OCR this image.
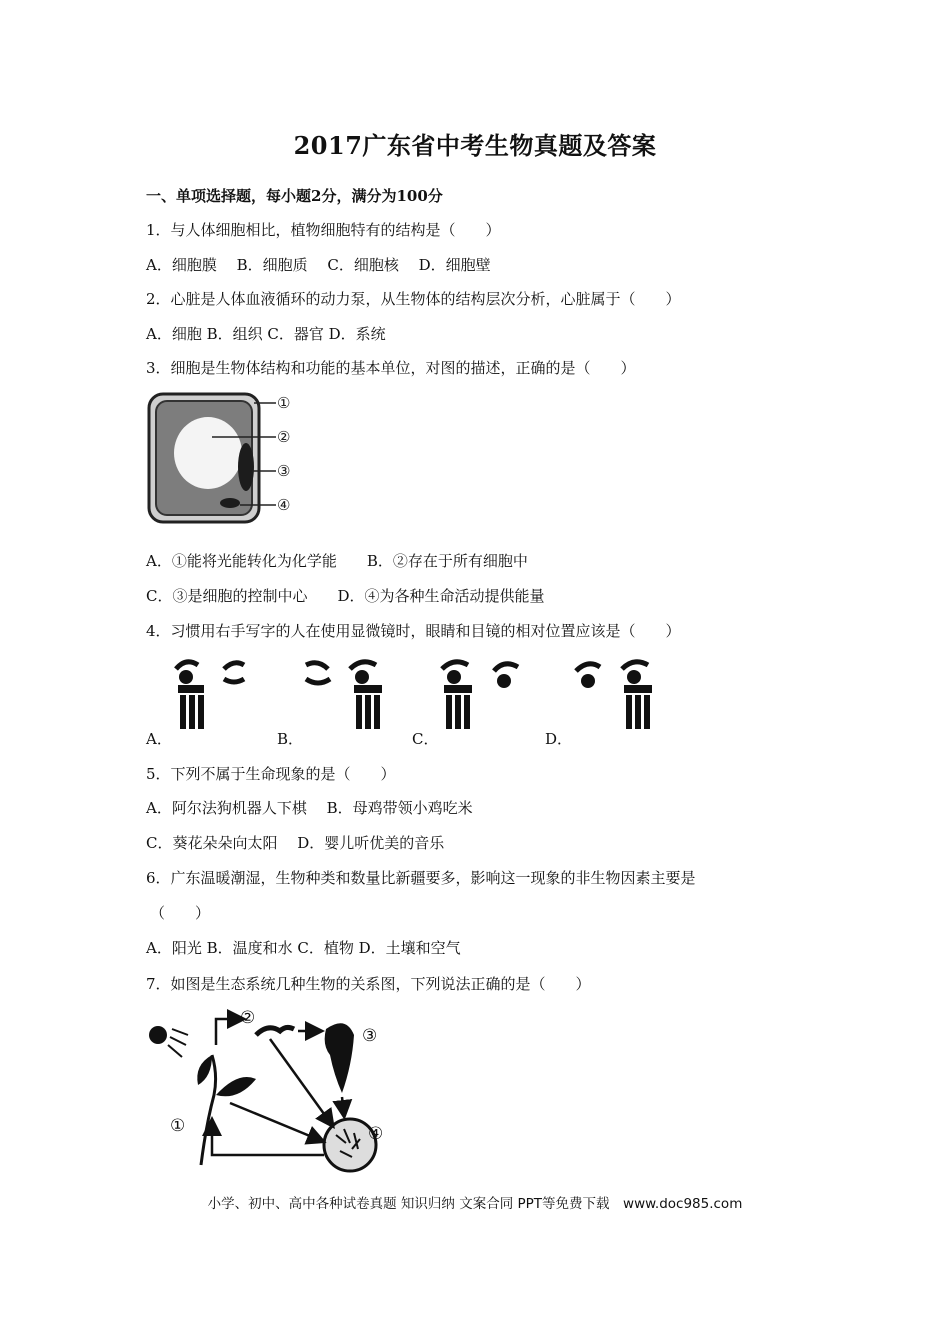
2017广东省中考生物真题及答案
一、单项选择题，每小题2分，满分为100分
1．与人体细胞相比，植物细胞特有的结构是（　　）
A．细胞膜　 B．细胞质　 C．细胞核　 D．细胞壁
2．心脏是人体血液循环的动力泵，从生物体的结构层次分析，心脏属于（　　）
A．细胞 B．组织 C．器官 D．系统
3．细胞是生物体结构和功能的基本单位，对图的描述，正确的是（　　）
①
②
③
④
A．①能将光能转化为化学能　　B．②存在于所有细胞中
C．③是细胞的控制中心　　D．④为各种生命活动提供能量
4．习惯用右手写字的人在使用显微镜时，眼睛和目镜的相对位置应该是（　　）
A．	B．	C．	D．
5．下列不属于生命现象的是（　　）
A．阿尔法狗机器人下棋　 B．母鸡带领小鸡吃米
C．葵花朵朵向太阳　 D．婴儿听优美的音乐
6．广东温暖潮湿，生物种类和数量比新疆要多，影响这一现象的非生物因素主要是
（　　）
A．阳光 B．温度和水 C．植物 D．土壤和空气
7．如图是生态系统几种生物的关系图，下列说法正确的是（　　）
①
②
③
④
小学、初中、高中各种试卷真题 知识归纳 文案合同 PPT等免费下载　www.doc985.com
